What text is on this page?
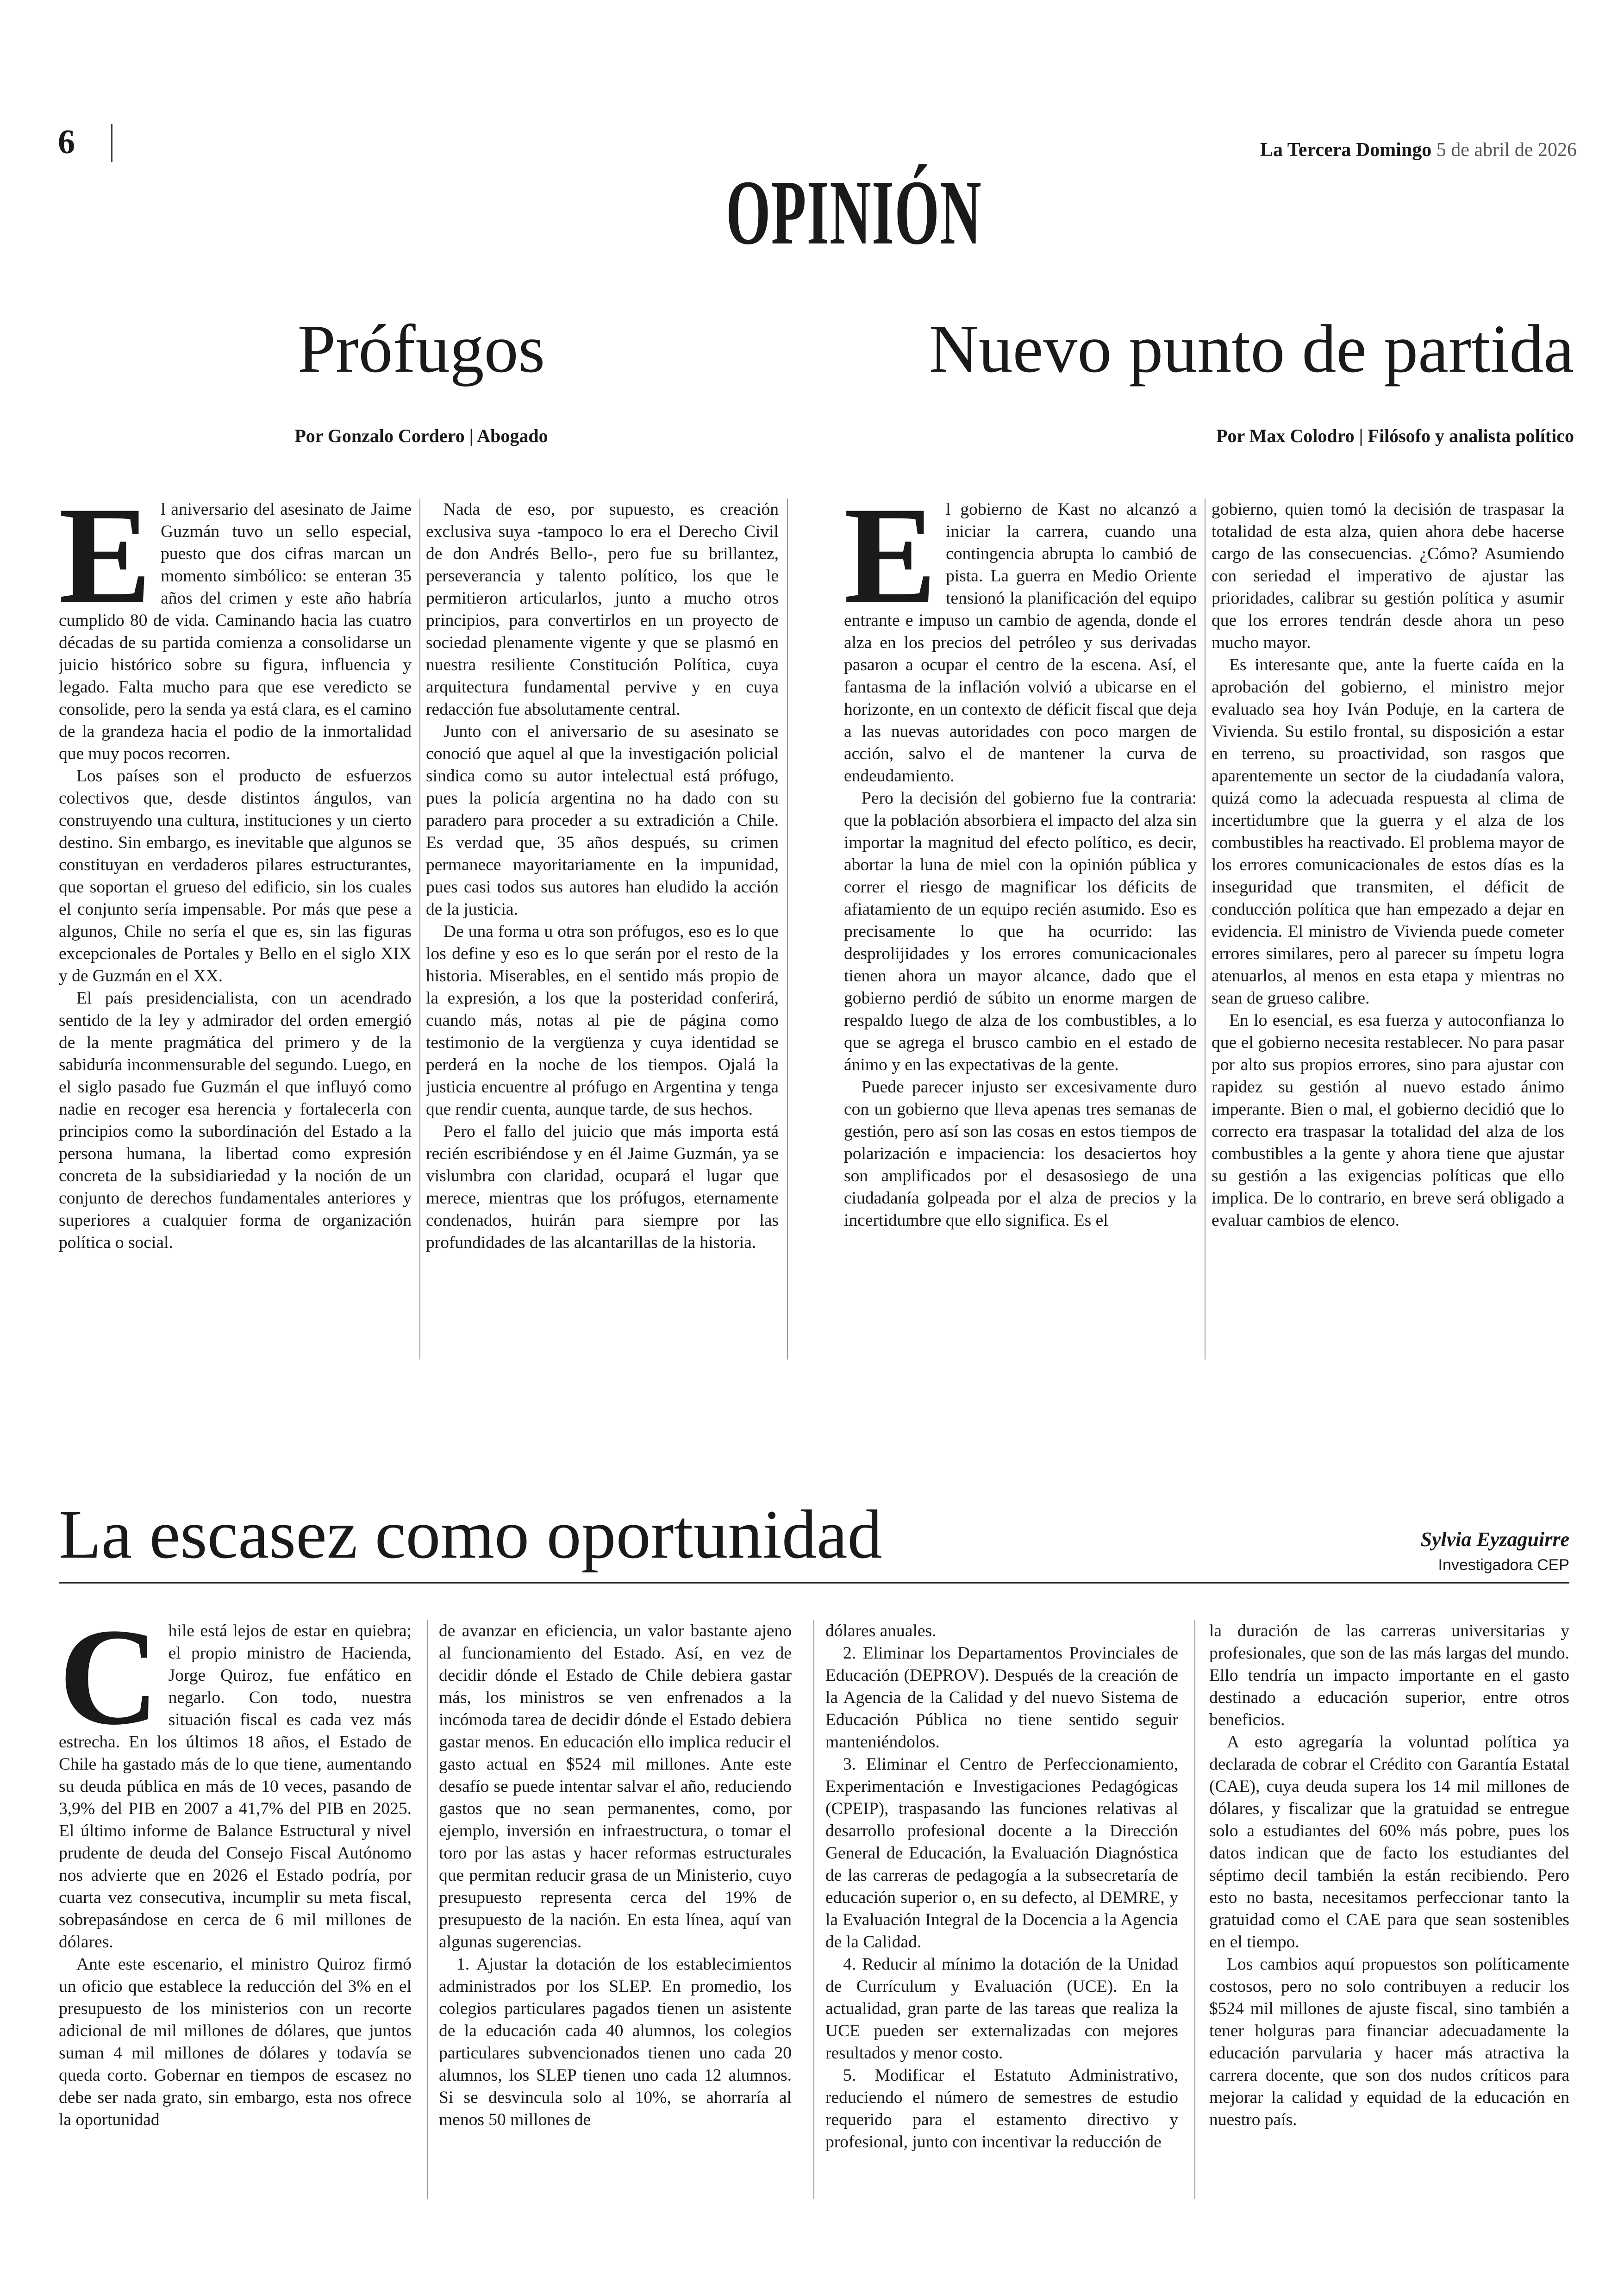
6	La Tercera Domingo 5 de abril de 2026
OPINIÓN
Prófugos
Por Gonzalo Cordero | Abogado
E l aniversario del asesinato de Jaime Guzmán tuvo un sello especial, puesto que dos cifras marcan un momento simbólico: se enteran 35 años del crimen y este año habría cumplido 80 de vida. Caminando hacia las cuatro décadas de su partida comienza a consolidarse un juicio histórico sobre su figura, influencia y legado. Falta mucho para que ese veredicto se consolide, pero la senda ya está clara, es el camino de la grandeza hacia el podio de la inmortalidad que muy pocos recorren.

Los países son el producto de esfuerzos colectivos que, desde distintos ángulos, van construyendo una cultura, instituciones y un cierto destino. Sin embargo, es inevitable que algunos se constituyan en verdaderos pilares estructurantes, que soportan el grueso del edificio, sin los cuales el conjunto sería impensable. Por más que pese a algunos, Chile no sería el que es, sin las figuras excepcionales de Portales y Bello en el siglo XIX y de Guzmán en el XX.

El país presidencialista, con un acendrado sentido de la ley y admirador del orden emergió de la mente pragmática del primero y de la sabiduría inconmensurable del segundo. Luego, en el siglo pasado fue Guzmán el que influyó como nadie en recoger esa herencia y fortalecerla con principios como la subordinación del Estado a la persona humana, la libertad como expresión concreta de la subsidiariedad y la noción de un conjunto de derechos fundamentales anteriores y superiores a cualquier forma de organización política o social.

Nada de eso, por supuesto, es creación exclusiva suya -tampoco lo era el Derecho Civil de don Andrés Bello-, pero fue su brillantez, perseverancia y talento político, los que le permitieron articularlos, junto a mucho otros principios, para convertirlos en un proyecto de sociedad plenamente vigente y que se plasmó en nuestra resiliente Constitución Política, cuya arquitectura fundamental pervive y en cuya redacción fue absolutamente central.

Junto con el aniversario de su asesinato se conoció que aquel al que la investigación policial sindica como su autor intelectual está prófugo, pues la policía argentina no ha dado con su paradero para proceder a su extradición a Chile. Es verdad que, 35 años después, su crimen permanece mayoritariamente en la impunidad, pues casi todos sus autores han eludido la acción de la justicia.

De una forma u otra son prófugos, eso es lo que los define y eso es lo que serán por el resto de la historia. Miserables, en el sentido más propio de la expresión, a los que la posteridad conferirá, cuando más, notas al pie de página como testimonio de la vergüenza y cuya identidad se perderá en la noche de los tiempos. Ojalá la justicia encuentre al prófugo en Argentina y tenga que rendir cuenta, aunque tarde, de sus hechos.

Pero el fallo del juicio que más importa está recién escribiéndose y en él Jaime Guzmán, ya se vislumbra con claridad, ocupará el lugar que merece, mientras que los prófugos, eternamente condenados, huirán para siempre por las profundidades de las alcantarillas de la historia.

Nuevo punto de partida
Por Max Colodro | Filósofo y analista político
E l gobierno de Kast no alcanzó a iniciar la carrera, cuando una contingencia abrupta lo cambió de pista. La guerra en Medio Oriente tensionó la planificación del equipo entrante e impuso un cambio de agenda, donde el alza en los precios del petróleo y sus derivadas pasaron a ocupar el centro de la escena. Así, el fantasma de la inflación volvió a ubicarse en el horizonte, en un contexto de déficit fiscal que deja a las nuevas autoridades con poco margen de acción, salvo el de mantener la curva de endeudamiento.

Pero la decisión del gobierno fue la contraria: que la población absorbiera el impacto del alza sin importar la magnitud del efecto político, es decir, abortar la luna de miel con la opinión pública y correr el riesgo de magnificar los déficits de afiatamiento de un equipo recién asumido. Eso es precisamente lo que ha ocurrido: las desprolijidades y los errores comunicacionales tienen ahora un mayor alcance, dado que el gobierno perdió de súbito un enorme margen de respaldo luego de alza de los combustibles, a lo que se agrega el brusco cambio en el estado de ánimo y en las expectativas de la gente.

Puede parecer injusto ser excesivamente duro con un gobierno que lleva apenas tres semanas de gestión, pero así son las cosas en estos tiempos de polarización e impaciencia: los desaciertos hoy son amplificados por el desasosiego de una ciudadanía golpeada por el alza de precios y la incertidumbre que ello significa. Es el

gobierno, quien tomó la decisión de traspasar la totalidad de esta alza, quien ahora debe hacerse cargo de las consecuencias. ¿Cómo? Asumiendo con seriedad el imperativo de ajustar las prioridades, calibrar su gestión política y asumir que los errores tendrán desde ahora un peso mucho mayor.

Es interesante que, ante la fuerte caída en la aprobación del gobierno, el ministro mejor evaluado sea hoy Iván Poduje, en la cartera de Vivienda. Su estilo frontal, su disposición a estar en terreno, su proactividad, son rasgos que aparentemente un sector de la ciudadanía valora, quizá como la adecuada respuesta al clima de incertidumbre que la guerra y el alza de los combustibles ha reactivado. El problema mayor de los errores comunicacionales de estos días es la inseguridad que transmiten, el déficit de conducción política que han empezado a dejar en evidencia. El ministro de Vivienda puede cometer errores similares, pero al parecer su ímpetu logra atenuarlos, al menos en esta etapa y mientras no sean de grueso calibre.

En lo esencial, es esa fuerza y autoconfianza lo que el gobierno necesita restablecer. No para pasar por alto sus propios errores, sino para ajustar con rapidez su gestión al nuevo estado ánimo imperante. Bien o mal, el gobierno decidió que lo correcto era traspasar la totalidad del alza de los combustibles a la gente y ahora tiene que ajustar su gestión a las exigencias políticas que ello implica. De lo contrario, en breve será obligado a evaluar cambios de elenco.

La escasez como oportunidad	Sylvia Eyzaguirre
Investigadora CEP
C hile está lejos de estar en quiebra; el propio ministro de Hacienda, Jorge Quiroz, fue enfático en negarlo. Con todo, nuestra situación fiscal es cada vez más estrecha. En los últimos 18 años, el Estado de Chile ha gastado más de lo que tiene, aumentando su deuda pública en más de 10 veces, pasando de 3,9% del PIB en 2007 a 41,7% del PIB en 2025. El último informe de Balance Estructural y nivel prudente de deuda del Consejo Fiscal Autónomo nos advierte que en 2026 el Estado podría, por cuarta vez consecutiva, incumplir su meta fiscal, sobrepasándose en cerca de 6 mil millones de dólares.

Ante este escenario, el ministro Quiroz firmó un oficio que establece la reducción del 3% en el presupuesto de los ministerios con un recorte adicional de mil millones de dólares, que juntos suman 4 mil millones de dólares y todavía se queda corto. Gobernar en tiempos de escasez no debe ser nada grato, sin embargo, esta nos ofrece la oportunidad

de avanzar en eficiencia, un valor bastante ajeno al funcionamiento del Estado. Así, en vez de decidir dónde el Estado de Chile debiera gastar más, los ministros se ven enfrenados a la incómoda tarea de decidir dónde el Estado debiera gastar menos. En educación ello implica reducir el gasto actual en $524 mil millones. Ante este desafío se puede intentar salvar el año, reduciendo gastos que no sean permanentes, como, por ejemplo, inversión en infraestructura, o tomar el toro por las astas y hacer reformas estructurales que permitan reducir grasa de un Ministerio, cuyo presupuesto representa cerca del 19% de presupuesto de la nación. En esta línea, aquí van algunas sugerencias.

1. Ajustar la dotación de los establecimientos administrados por los SLEP. En promedio, los colegios particulares pagados tienen un asistente de la educación cada 40 alumnos, los colegios particulares subvencionados tienen uno cada 20 alumnos, los SLEP tienen uno cada 12 alumnos. Si se desvincula solo al 10%, se ahorraría al menos 50 millones de

dólares anuales.

2. Eliminar los Departamentos Provinciales de Educación (DEPROV). Después de la creación de la Agencia de la Calidad y del nuevo Sistema de Educación Pública no tiene sentido seguir manteniéndolos.

3. Eliminar el Centro de Perfeccionamiento, Experimentación e Investigaciones Pedagógicas (CPEIP), traspasando las funciones relativas al desarrollo profesional docente a la Dirección General de Educación, la Evaluación Diagnóstica de las carreras de pedagogía a la subsecretaría de educación superior o, en su defecto, al DEMRE, y la Evaluación Integral de la Docencia a la Agencia de la Calidad.

4. Reducir al mínimo la dotación de la Unidad de Currículum y Evaluación (UCE). En la actualidad, gran parte de las tareas que realiza la UCE pueden ser externalizadas con mejores resultados y menor costo.

5. Modificar el Estatuto Administrativo, reduciendo el número de semestres de estudio requerido para el estamento directivo y profesional, junto con incentivar la reducción de

la duración de las carreras universitarias y profesionales, que son de las más largas del mundo. Ello tendría un impacto importante en el gasto destinado a educación superior, entre otros beneficios.

A esto agregaría la voluntad política ya declarada de cobrar el Crédito con Garantía Estatal (CAE), cuya deuda supera los 14 mil millones de dólares, y fiscalizar que la gratuidad se entregue solo a estudiantes del 60% más pobre, pues los datos indican que de facto los estudiantes del séptimo decil también la están recibiendo. Pero esto no basta, necesitamos perfeccionar tanto la gratuidad como el CAE para que sean sostenibles en el tiempo.

Los cambios aquí propuestos son políticamente costosos, pero no solo contribuyen a reducir los $524 mil millones de ajuste fiscal, sino también a tener holguras para financiar adecuadamente la educación parvularia y hacer más atractiva la carrera docente, que son dos nudos críticos para mejorar la calidad y equidad de la educación en nuestro país.
